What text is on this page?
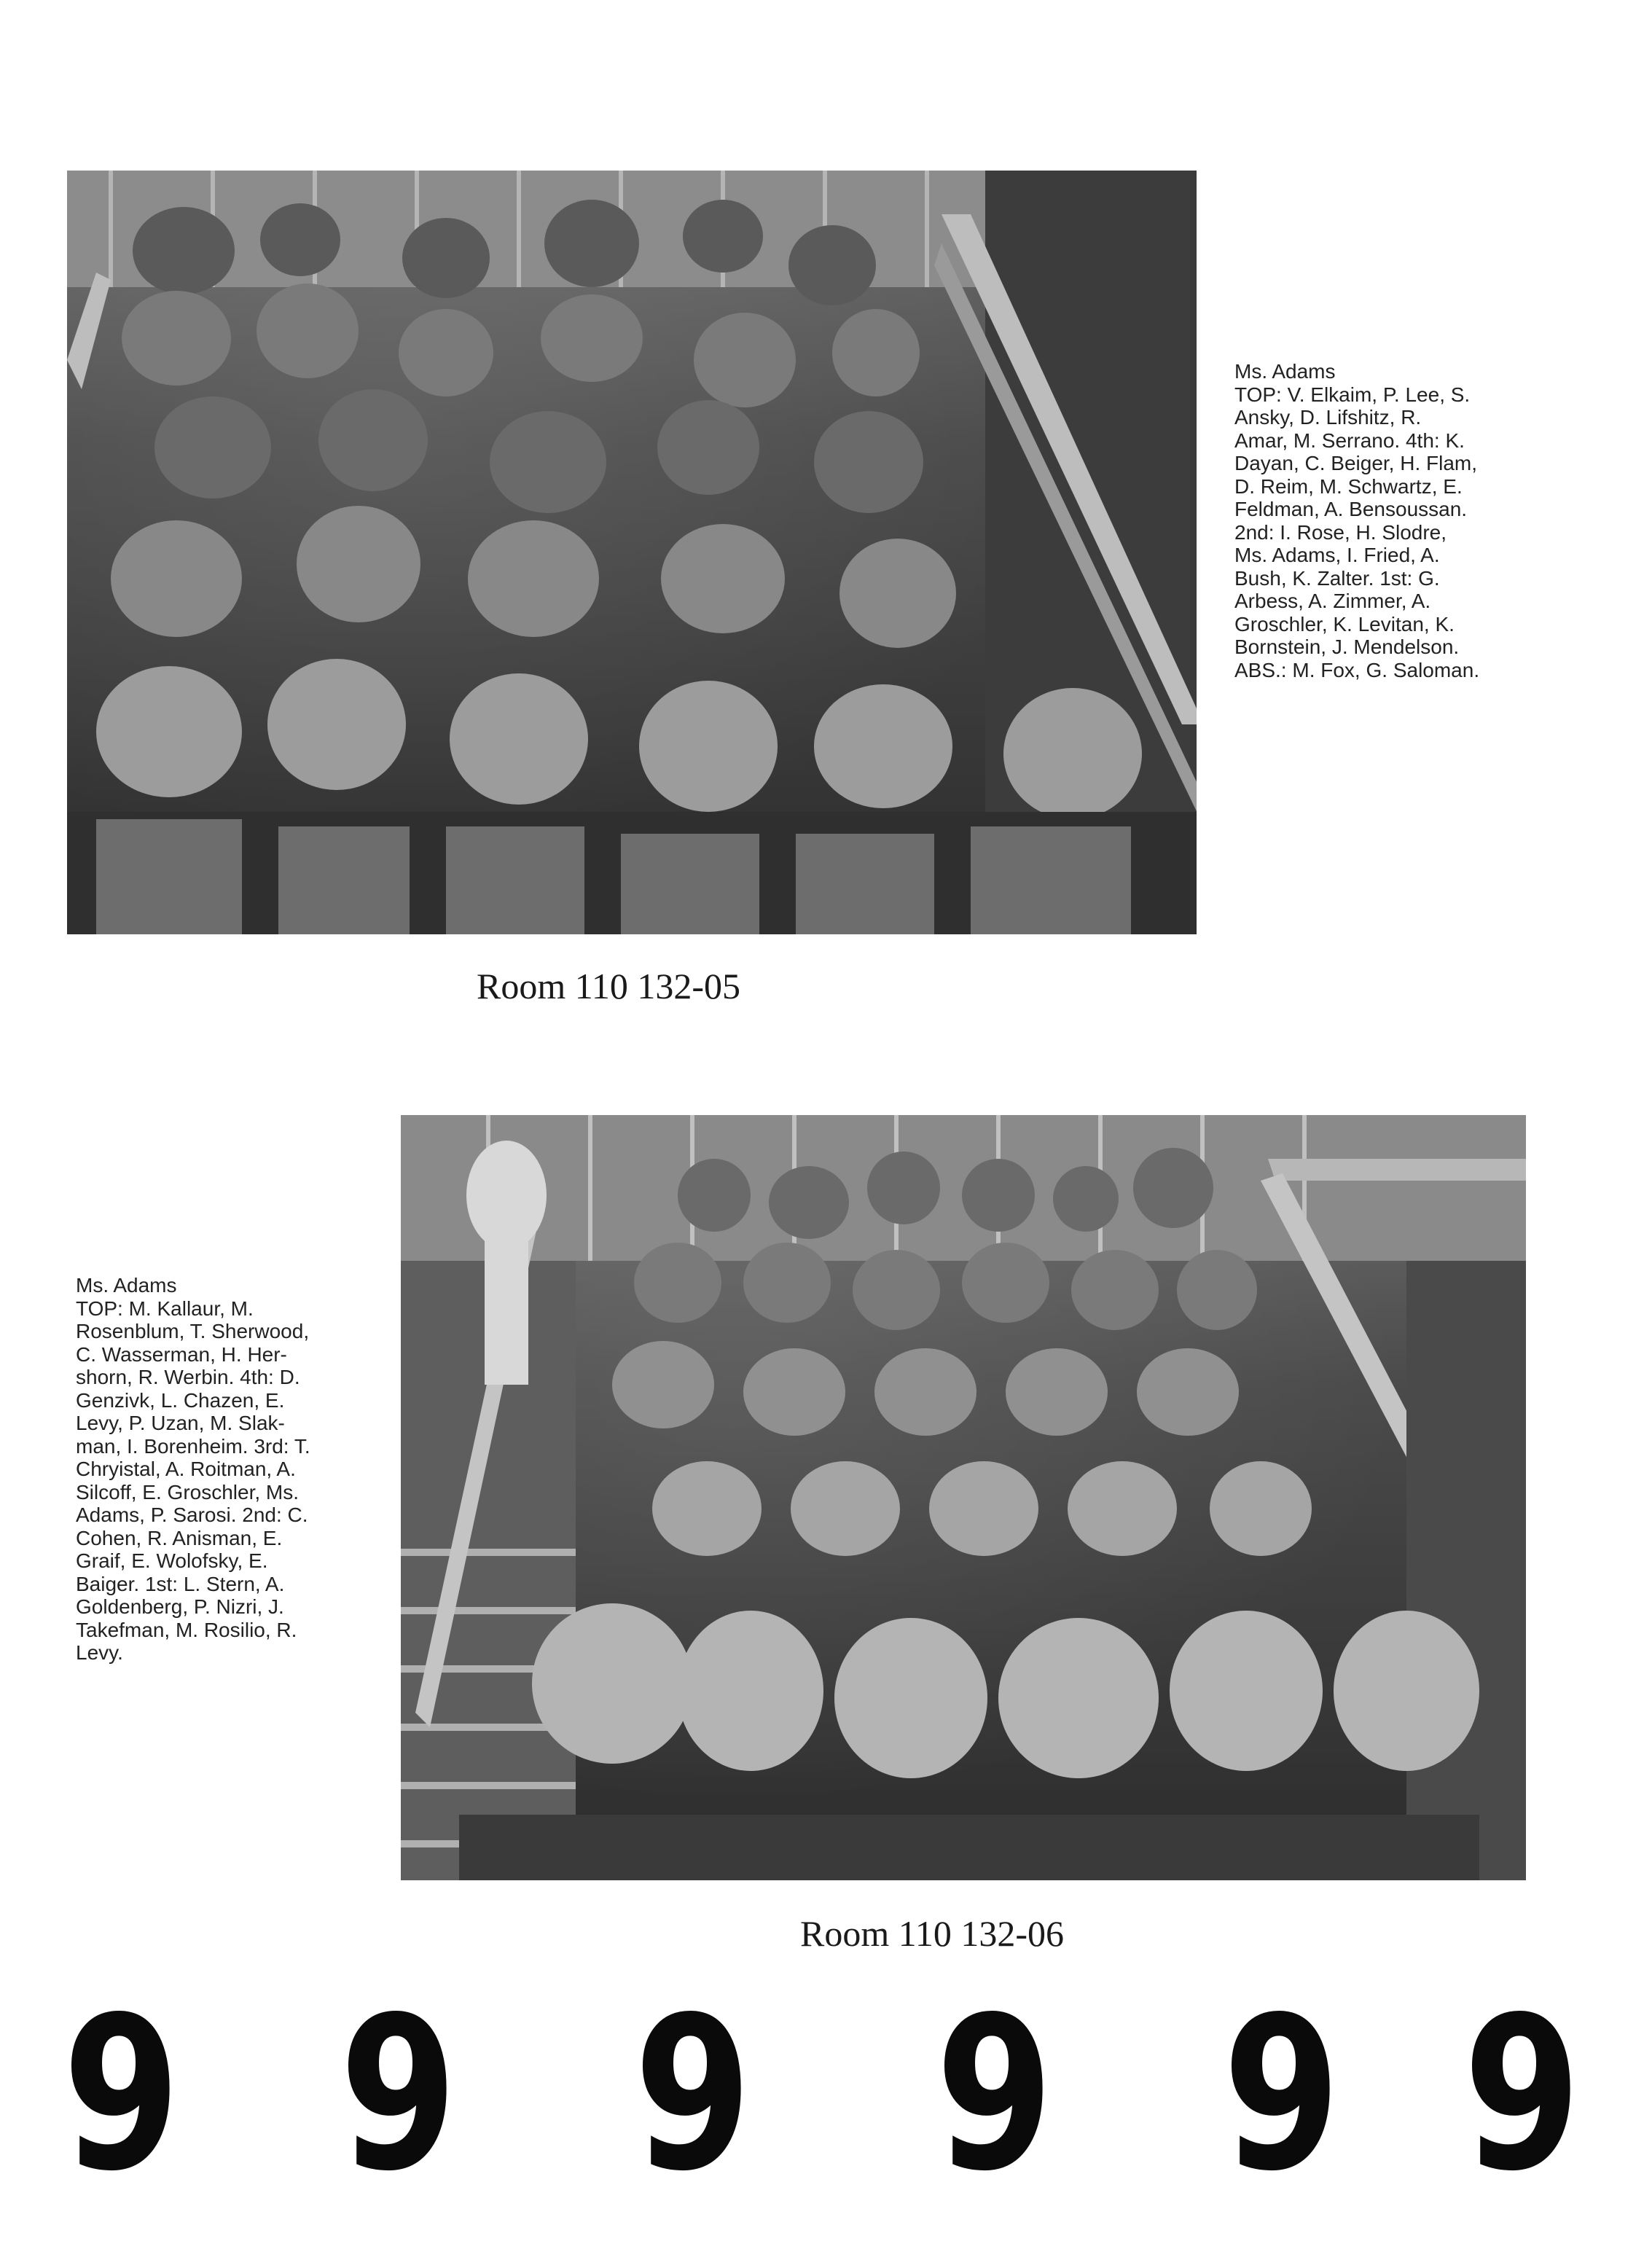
Ms. Adams
TOP: V. Elkaim, P. Lee, S.
Ansky, D. Lifshitz, R.
Amar, M. Serrano. 4th: K.
Dayan, C. Beiger, H. Flam,
D. Reim, M. Schwartz, E.
Feldman, A. Bensoussan.
2nd: I. Rose, H. Slodre,
Ms. Adams, I. Fried, A.
Bush, K. Zalter. 1st: G.
Arbess, A. Zimmer, A.
Groschler, K. Levitan, K.
Bornstein, J. Mendelson.
ABS.: M. Fox, G. Saloman.
Room 110 132-05
Ms. Adams
TOP: M. Kallaur, M.
Rosenblum, T. Sherwood,
C. Wasserman, H. Her-
shorn, R. Werbin. 4th: D.
Genzivk, L. Chazen, E.
Levy, P. Uzan, M. Slak-
man, I. Borenheim. 3rd: T.
Chryistal, A. Roitman, A.
Silcoff, E. Groschler, Ms.
Adams, P. Sarosi. 2nd: C.
Cohen, R. Anisman, E.
Graif, E. Wolofsky, E.
Baiger. 1st: L. Stern, A.
Goldenberg, P. Nizri, J.
Takefman, M. Rosilio, R.
Levy.
Room 110 132-06
9 9 9 9 9 9
